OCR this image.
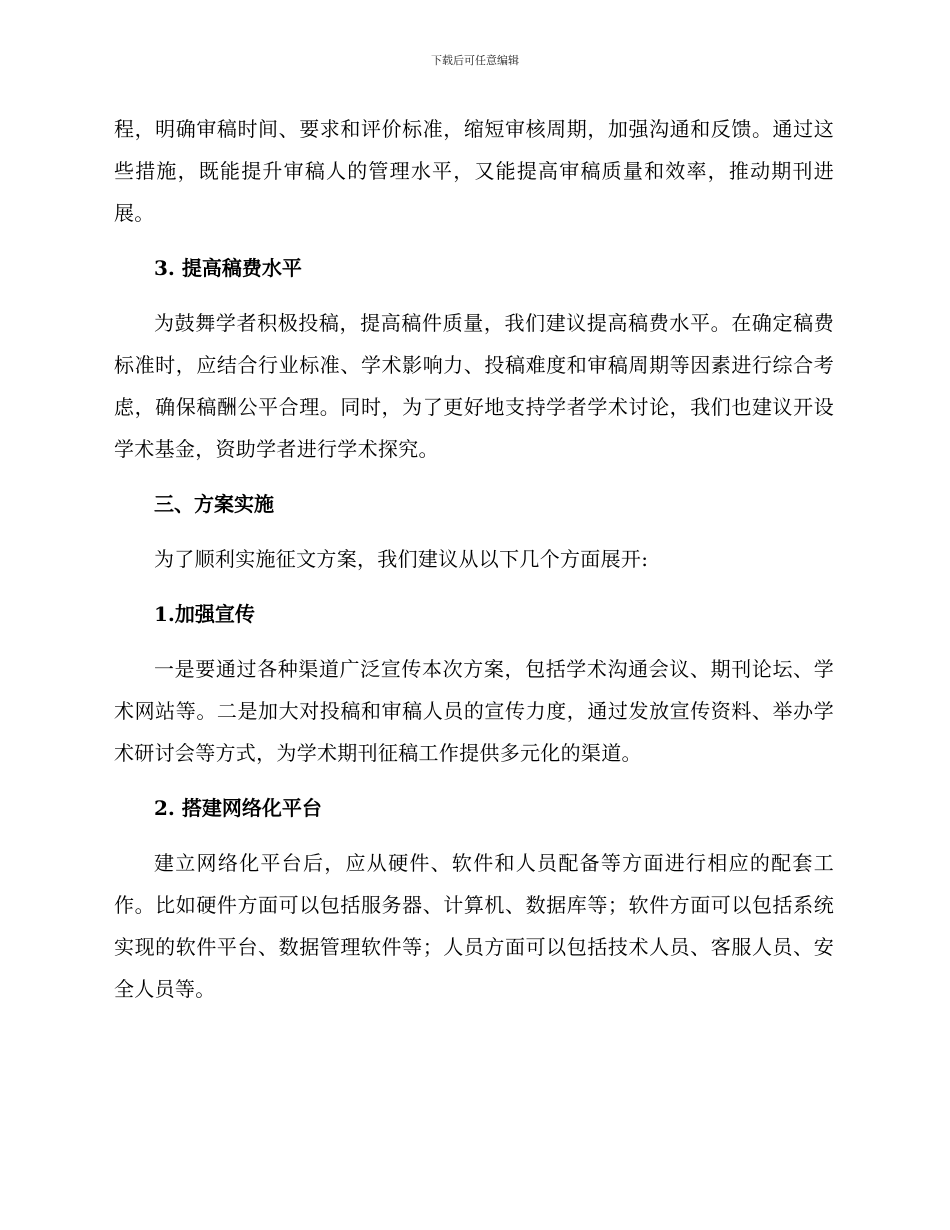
下载后可任意编辑

程，明确审稿时间、要求和评价标准，缩短审核周期，加强沟通和反馈。通过这些措施，既能提升审稿人的管理水平，又能提高审稿质量和效率，推动期刊进展。

3. 提高稿费水平

为鼓舞学者积极投稿，提高稿件质量，我们建议提高稿费水平。在确定稿费标准时，应结合行业标准、学术影响力、投稿难度和审稿周期等因素进行综合考虑，确保稿酬公平合理。同时，为了更好地支持学者学术讨论，我们也建议开设学术基金，资助学者进行学术探究。

三、方案实施

为了顺利实施征文方案，我们建议从以下几个方面展开:

1.加强宣传

一是要通过各种渠道广泛宣传本次方案，包括学术沟通会议、期刊论坛、学术网站等。二是加大对投稿和审稿人员的宣传力度，通过发放宣传资料、举办学术研讨会等方式，为学术期刊征稿工作提供多元化的渠道。

2. 搭建网络化平台

建立网络化平台后，应从硬件、软件和人员配备等方面进行相应的配套工作。比如硬件方面可以包括服务器、计算机、数据库等；软件方面可以包括系统实现的软件平台、数据管理软件等；人员方面可以包括技术人员、客服人员、安全人员等。
